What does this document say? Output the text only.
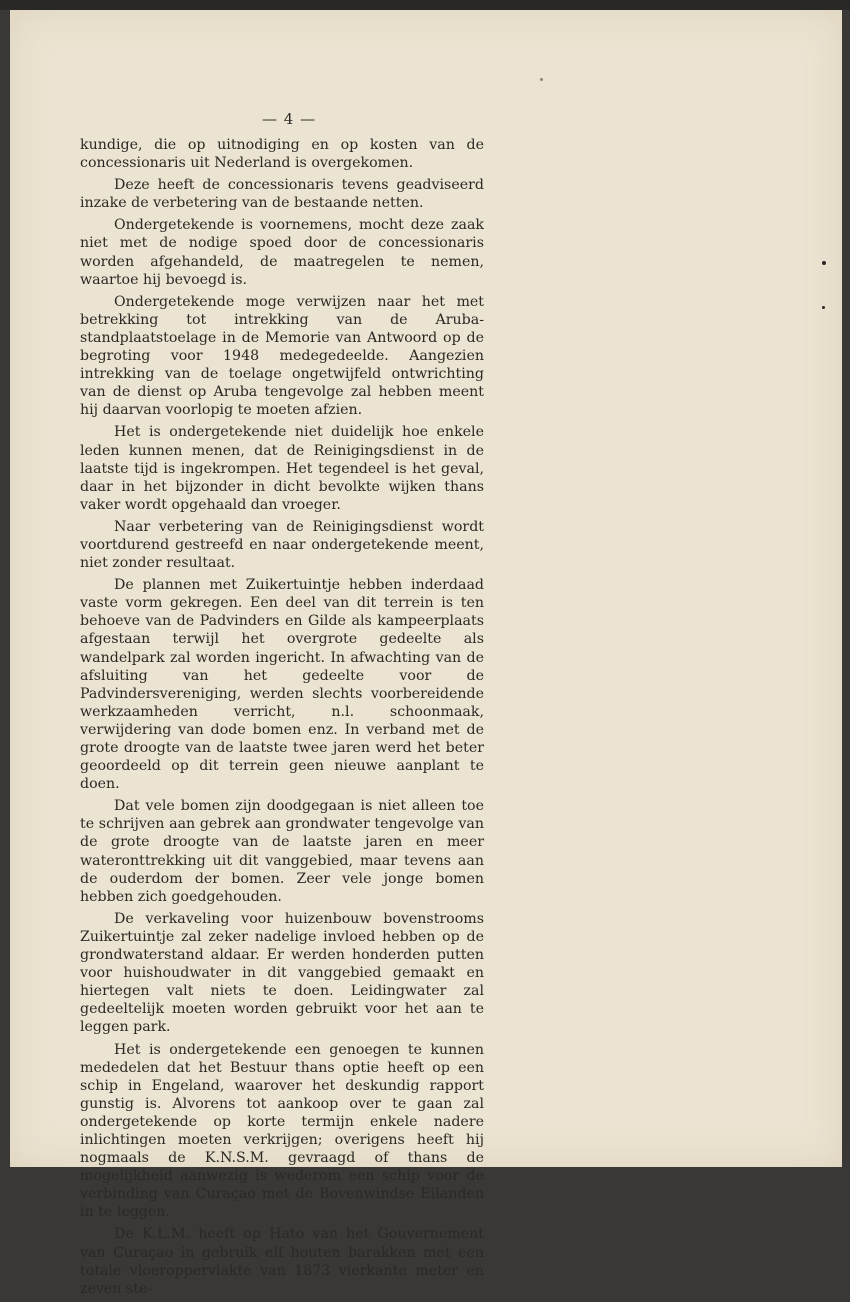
— 4 —

kundige, die op uitnodiging en op kosten van de concessionaris uit Nederland is overgekomen.

Deze heeft de concessionaris tevens geadviseerd inzake de verbetering van de bestaande netten.

Ondergetekende is voornemens, mocht deze zaak niet met de nodige spoed door de concessionaris worden afgehandeld, de maatregelen te nemen, waartoe hij bevoegd is.

Ondergetekende moge verwijzen naar het met betrekking tot intrekking van de Aruba-standplaatstoelage in de Memorie van Antwoord op de begroting voor 1948 medegedeelde. Aangezien intrekking van de toelage ongetwijfeld ontwrichting van de dienst op Aruba tengevolge zal hebben meent hij daarvan voorlopig te moeten afzien.

Het is ondergetekende niet duidelijk hoe enkele leden kunnen menen, dat de Reinigingsdienst in de laatste tijd is ingekrompen. Het tegendeel is het geval, daar in het bijzonder in dicht bevolkte wijken thans vaker wordt opgehaald dan vroeger.

Naar verbetering van de Reinigingsdienst wordt voortdurend gestreefd en naar ondergetekende meent, niet zonder resultaat.

De plannen met Zuikertuintje hebben inderdaad vaste vorm gekregen. Een deel van dit terrein is ten behoeve van de Padvinders en Gilde als kampeerplaats afgestaan terwijl het overgrote gedeelte als wandelpark zal worden ingericht. In afwachting van de afsluiting van het gedeelte voor de Padvindersvereniging, werden slechts voorbereidende werkzaamheden verricht, n.l. schoonmaak, verwijdering van dode bomen enz. In verband met de grote droogte van de laatste twee jaren werd het beter geoordeeld op dit terrein geen nieuwe aanplant te doen.

Dat vele bomen zijn doodgegaan is niet alleen toe te schrijven aan gebrek aan grondwater tengevolge van de grote droogte van de laatste jaren en meer wateronttrekking uit dit vanggebied, maar tevens aan de ouderdom der bomen. Zeer vele jonge bomen hebben zich goedgehouden.

De verkaveling voor huizenbouw bovenstrooms Zuikertuintje zal zeker nadelige invloed hebben op de grondwaterstand aldaar. Er werden honderden putten voor huishoudwater in dit vanggebied gemaakt en hiertegen valt niets te doen. Leidingwater zal gedeeltelijk moeten worden gebruikt voor het aan te leggen park.

Het is ondergetekende een genoegen te kunnen mededelen dat het Bestuur thans optie heeft op een schip in Engeland, waarover het deskundig rapport gunstig is. Alvorens tot aankoop over te gaan zal ondergetekende op korte termijn enkele nadere inlichtingen moeten verkrijgen; overigens heeft hij nogmaals de K.N.S.M. gevraagd of thans de mogelijkheid aanwezig is wederom een schip voor de verbinding van Curaçao met de Bovenwindse Eilanden in te leggen.

De K.L.M. heeft op Hato van het Gouvernement van Curaçao in gebruik elf houten barakken met een totale vloeroppervlakte van 1873 vierkante meter en zeven ste-
